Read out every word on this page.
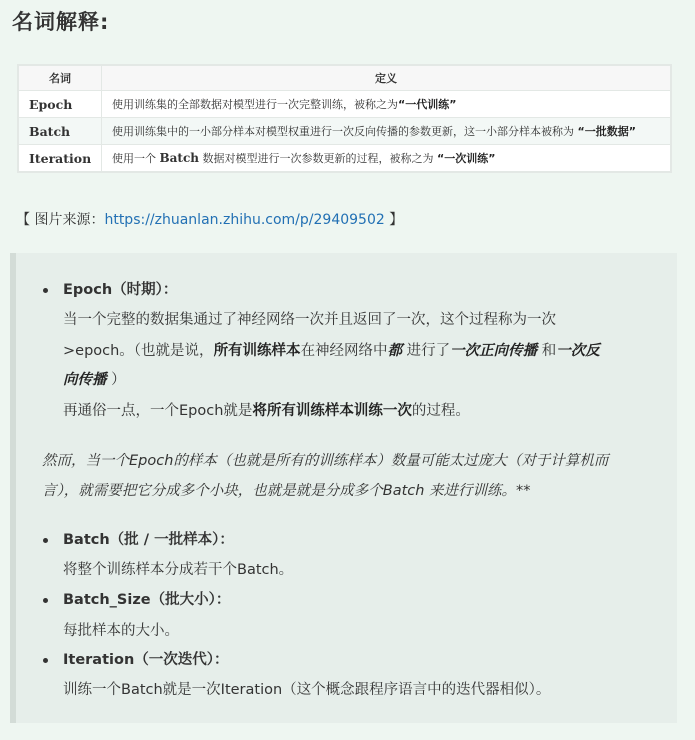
名词解释:
名词	定义
Epoch	使用训练集的全部数据对模型进行一次完整训练，被称之为“一代训练”
Batch	使用训练集中的一小部分样本对模型权重进行一次反向传播的参数更新，这一小部分样本被称为 “一批数据”
Iteration	使用一个 Batch 数据对模型进行一次参数更新的过程，被称之为 “一次训练”
【 图片来源：https://zhuanlan.zhihu.com/p/29409502 】
Epoch（时期）：
当一个完整的数据集通过了神经网络一次并且返回了一次，这个过程称为一次
>epoch。（也就是说，所有训练样本在神经网络中都 进行了一次正向传播 和一次反
向传播 ）
再通俗一点，一个Epoch就是将所有训练样本训练一次的过程。
然而，当一个Epoch的样本（也就是所有的训练样本）数量可能太过庞大（对于计算机而
言），就需要把它分成多个小块，也就是就是分成多个Batch 来进行训练。**
Batch（批 / 一批样本）：
将整个训练样本分成若干个Batch。
Batch_Size（批大小）：
每批样本的大小。
Iteration（一次迭代）：
训练一个Batch就是一次Iteration（这个概念跟程序语言中的迭代器相似）。
